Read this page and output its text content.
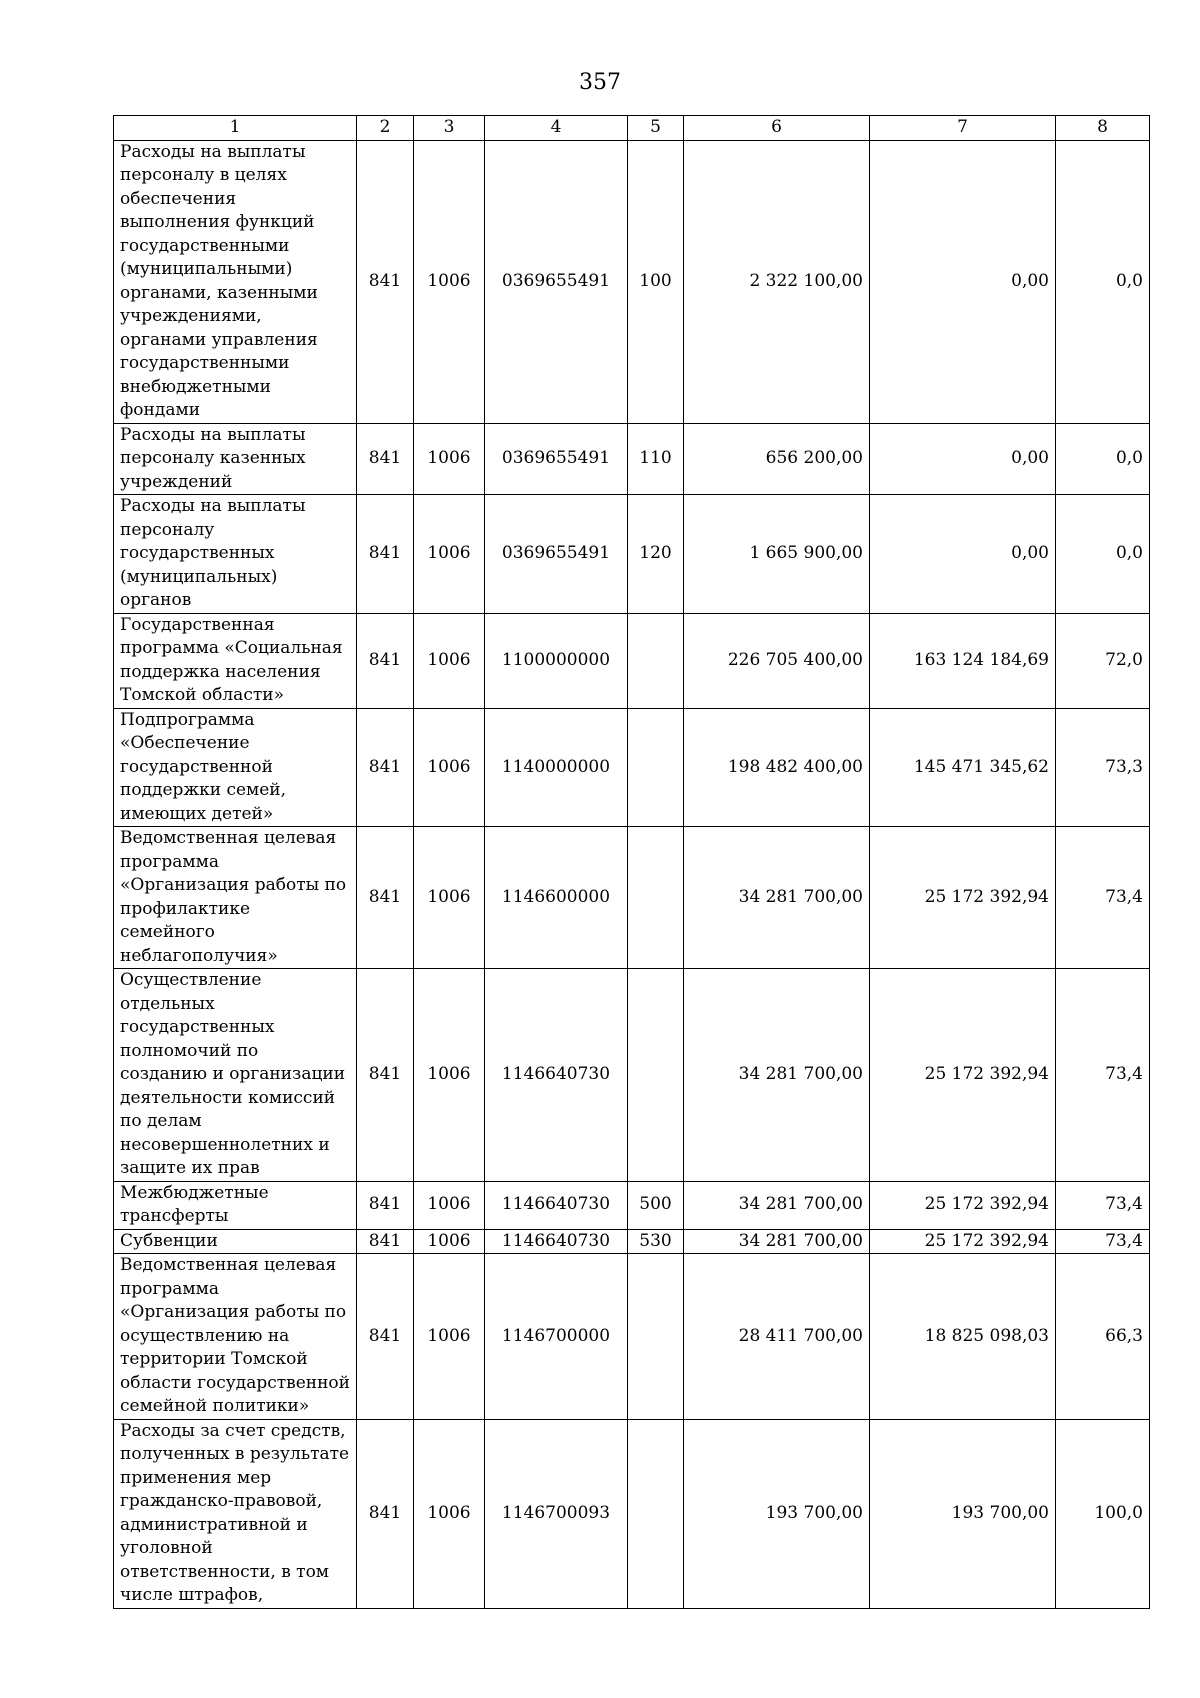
357
1	2	3	4	5	6	7	8
Расходы на выплаты персоналу в целях обеспечения выполнения функций государственными (муниципальными) органами, казенными учреждениями, органами управления государственными внебюджетными фондами	841	1006	0369655491	100	2 322 100,00	0,00	0,0
Расходы на выплаты персоналу казенных учреждений	841	1006	0369655491	110	656 200,00	0,00	0,0
Расходы на выплаты персоналу государственных (муниципальных) органов	841	1006	0369655491	120	1 665 900,00	0,00	0,0
Государственная программа «Социальная поддержка населения Томской области»	841	1006	1100000000		226 705 400,00	163 124 184,69	72,0
Подпрограмма «Обеспечение государственной поддержки семей, имеющих детей»	841	1006	1140000000		198 482 400,00	145 471 345,62	73,3
Ведомственная целевая программа «Организация работы по профилактике семейного неблагополучия»	841	1006	1146600000		34 281 700,00	25 172 392,94	73,4
Осуществление отдельных государственных полномочий по созданию и организации деятельности комиссий по делам несовершеннолетних и защите их прав	841	1006	1146640730		34 281 700,00	25 172 392,94	73,4
Межбюджетные трансферты	841	1006	1146640730	500	34 281 700,00	25 172 392,94	73,4
Субвенции	841	1006	1146640730	530	34 281 700,00	25 172 392,94	73,4
Ведомственная целевая программа «Организация работы по осуществлению на территории Томской области государственной семейной политики»	841	1006	1146700000		28 411 700,00	18 825 098,03	66,3
Расходы за счет средств, полученных в результате применения мер гражданско-правовой, административной и уголовной ответственности, в том числе штрафов,	841	1006	1146700093		193 700,00	193 700,00	100,0
